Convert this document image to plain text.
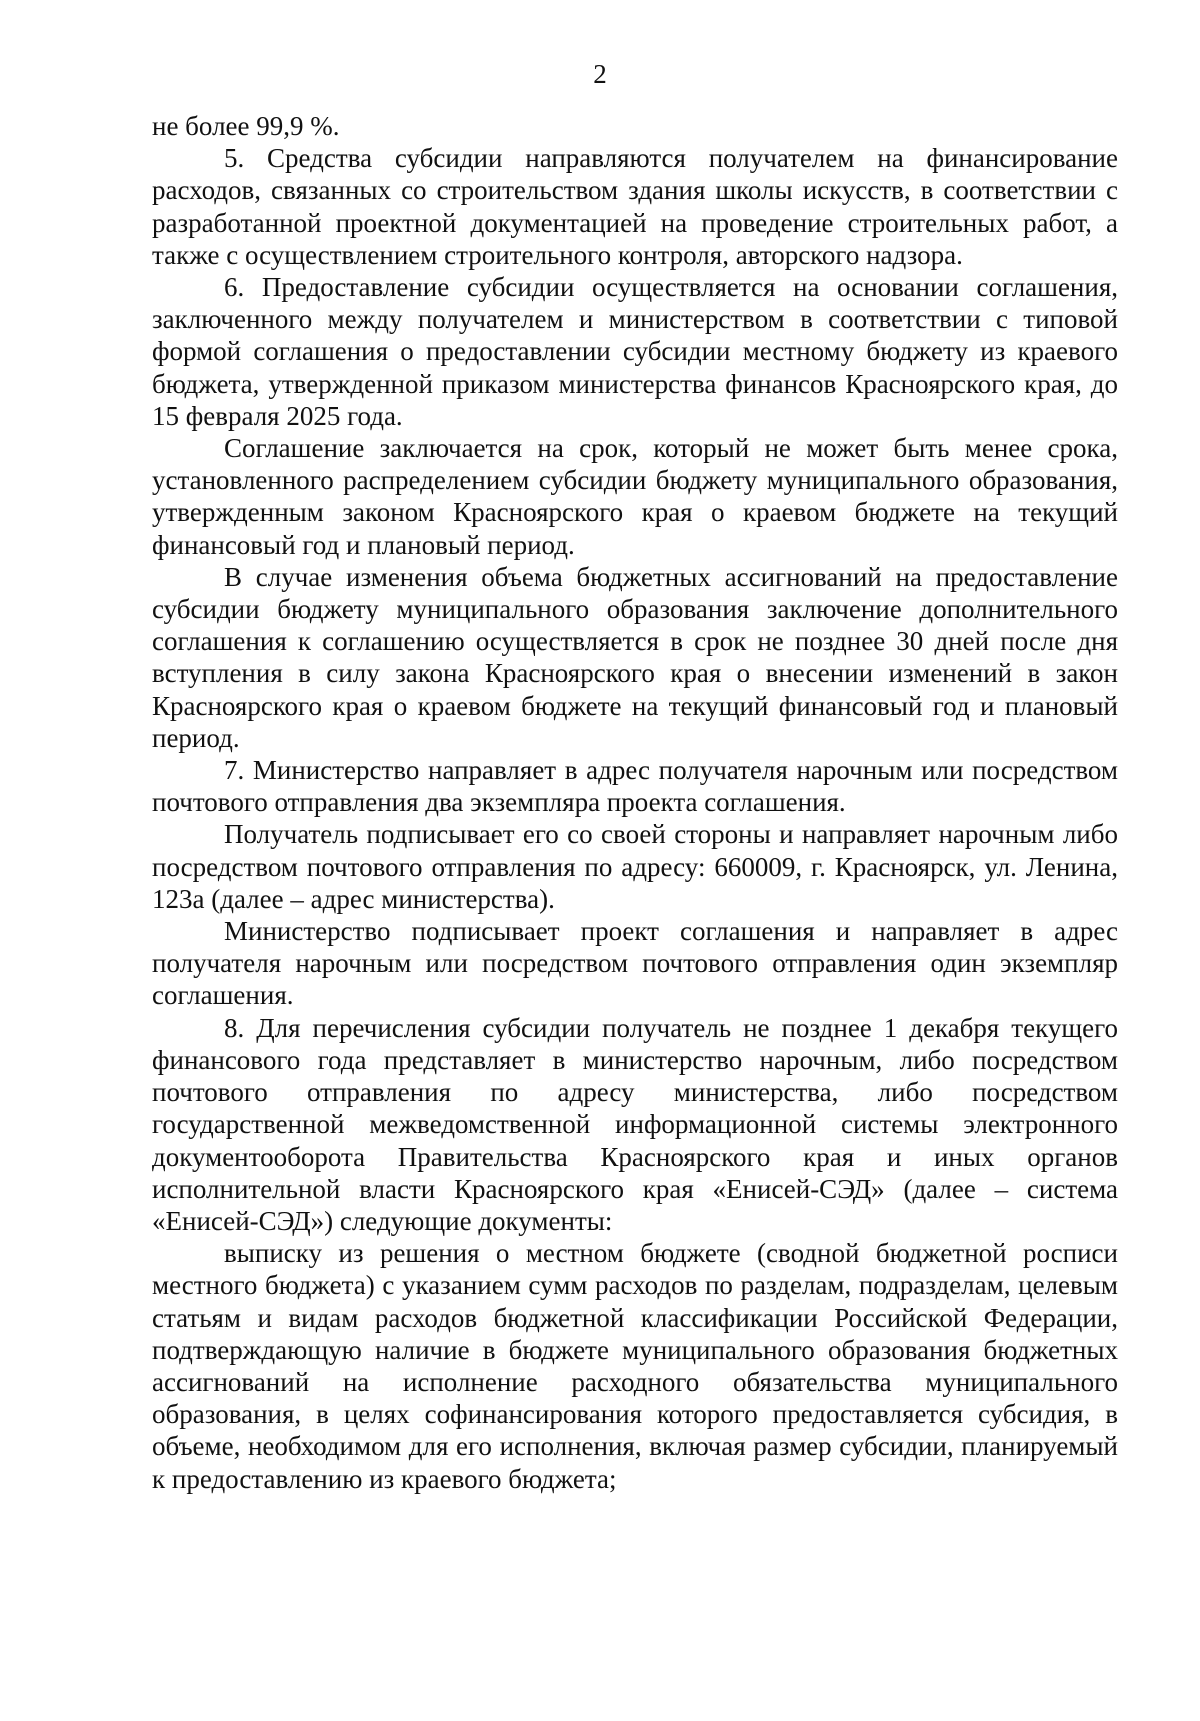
2

не более 99,9 %.

5. Средства субсидии направляются получателем на финансирование расходов, связанных со строительством здания школы искусств, в соответствии с разработанной проектной документацией на проведение строительных работ, а также с осуществлением строительного контроля, авторского надзора.

6. Предоставление субсидии осуществляется на основании соглашения, заключенного между получателем и министерством в соответствии с типовой формой соглашения о предоставлении субсидии местному бюджету из краевого бюджета, утвержденной приказом министерства финансов Красноярского края, до 15 февраля 2025 года.

Соглашение заключается на срок, который не может быть менее срока, установленного распределением субсидии бюджету муниципального образования, утвержденным законом Красноярского края о краевом бюджете на текущий финансовый год и плановый период.

В случае изменения объема бюджетных ассигнований на предоставление субсидии бюджету муниципального образования заключение дополнительного соглашения к соглашению осуществляется в срок не позднее 30 дней после дня вступления в силу закона Красноярского края о внесении изменений в закон Красноярского края о краевом бюджете на текущий финансовый год и плановый период.

7. Министерство направляет в адрес получателя нарочным или посредством почтового отправления два экземпляра проекта соглашения.

Получатель подписывает его со своей стороны и направляет нарочным либо посредством почтового отправления по адресу: 660009, г. Красноярск, ул. Ленина, 123а (далее – адрес министерства).

Министерство подписывает проект соглашения и направляет в адрес получателя нарочным или посредством почтового отправления один экземпляр соглашения.

8. Для перечисления субсидии получатель не позднее 1 декабря текущего финансового года представляет в министерство нарочным, либо посредством почтового отправления по адресу министерства, либо посредством государственной межведомственной информационной системы электронного документооборота Правительства Красноярского края и иных органов исполнительной власти Красноярского края «Енисей-СЭД» (далее – система «Енисей-СЭД») следующие документы:

выписку из решения о местном бюджете (сводной бюджетной росписи местного бюджета) с указанием сумм расходов по разделам, подразделам, целевым статьям и видам расходов бюджетной классификации Российской Федерации, подтверждающую наличие в бюджете муниципального образования бюджетных ассигнований на исполнение расходного обязательства муниципального образования, в целях софинансирования которого предоставляется субсидия, в объеме, необходимом для его исполнения, включая размер субсидии, планируемый к предоставлению из краевого бюджета;
